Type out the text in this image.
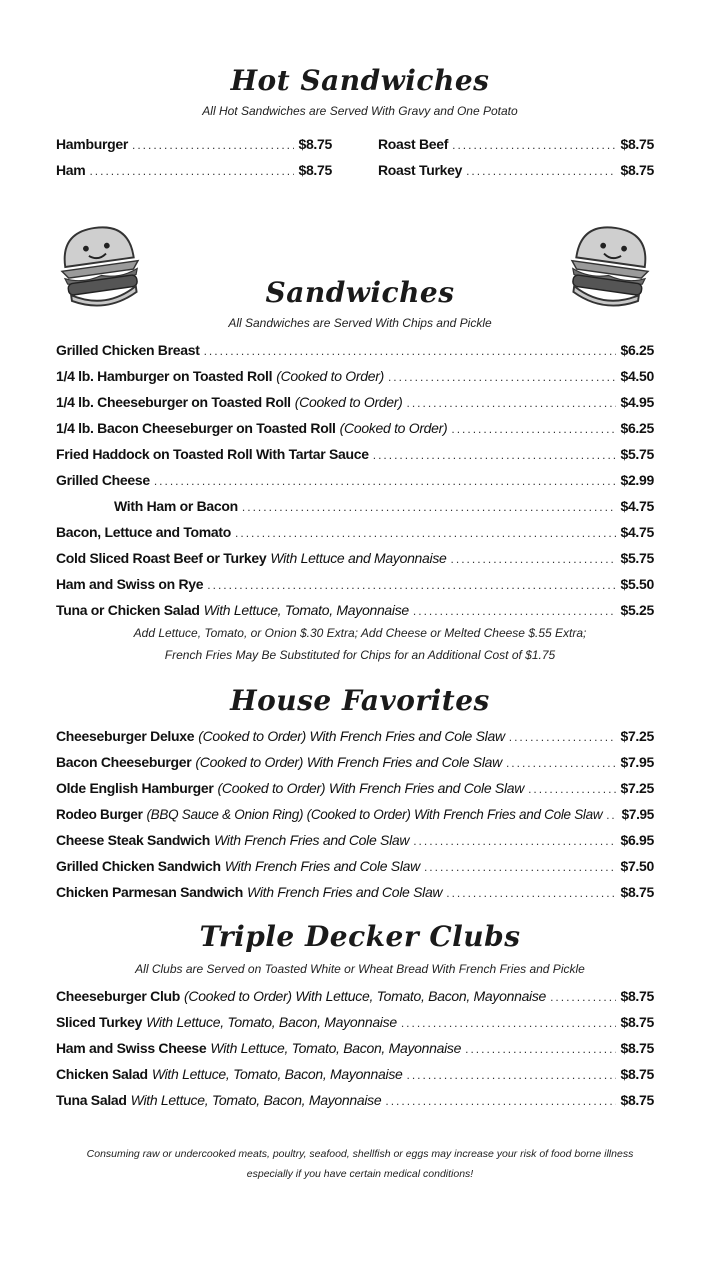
Hot Sandwiches
All Hot Sandwiches are Served With Gravy and One Potato
Hamburger .....	$8.75
Ham .....	$8.75
Roast Beef .....	$8.75
Roast Turkey .....	$8.75
Sandwiches
All Sandwiches are Served With Chips and Pickle
Grilled Chicken Breast .....	$6.25
1/4 lb. Hamburger on Toasted Roll (Cooked to Order) .....	$4.50
1/4 lb. Cheeseburger on Toasted Roll (Cooked to Order) .....	$4.95
1/4 lb. Bacon Cheeseburger on Toasted Roll (Cooked to Order) .....	$6.25
Fried Haddock on Toasted Roll With Tartar Sauce .....	$5.75
Grilled Cheese .....	$2.99
With Ham or Bacon .....	$4.75
Bacon, Lettuce and Tomato .....	$4.75
Cold Sliced Roast Beef or Turkey With Lettuce and Mayonnaise .....	$5.75
Ham and Swiss on Rye .....	$5.50
Tuna or Chicken Salad With Lettuce, Tomato, Mayonnaise .....	$5.25
Add Lettuce, Tomato, or Onion $.30 Extra; Add Cheese or Melted Cheese $.55 Extra;
French Fries May Be Substituted for Chips for an Additional Cost of $1.75
House Favorites
Cheeseburger Deluxe (Cooked to Order) With French Fries and Cole Slaw .....	$7.25
Bacon Cheeseburger (Cooked to Order) With French Fries and Cole Slaw .....	$7.95
Olde English Hamburger (Cooked to Order) With French Fries and Cole Slaw .....	$7.25
Rodeo Burger (BBQ Sauce & Onion Ring) (Cooked to Order) With French Fries and Cole Slaw ..... $7.95
Cheese Steak Sandwich With French Fries and Cole Slaw .....	$6.95
Grilled Chicken Sandwich With French Fries and Cole Slaw .....	$7.50
Chicken Parmesan Sandwich With French Fries and Cole Slaw .....	$8.75
Triple Decker Clubs
All Clubs are Served on Toasted White or Wheat Bread With French Fries and Pickle
Cheeseburger Club (Cooked to Order) With Lettuce, Tomato, Bacon, Mayonnaise .....	$8.75
Sliced Turkey With Lettuce, Tomato, Bacon, Mayonnaise .....	$8.75
Ham and Swiss Cheese With Lettuce, Tomato, Bacon, Mayonnaise .....	$8.75
Chicken Salad With Lettuce, Tomato, Bacon, Mayonnaise .....	$8.75
Tuna Salad With Lettuce, Tomato, Bacon, Mayonnaise .....	$8.75
Consuming raw or undercooked meats, poultry, seafood, shellfish or eggs may increase your risk of food borne illness
especially if you have certain medical conditions!
